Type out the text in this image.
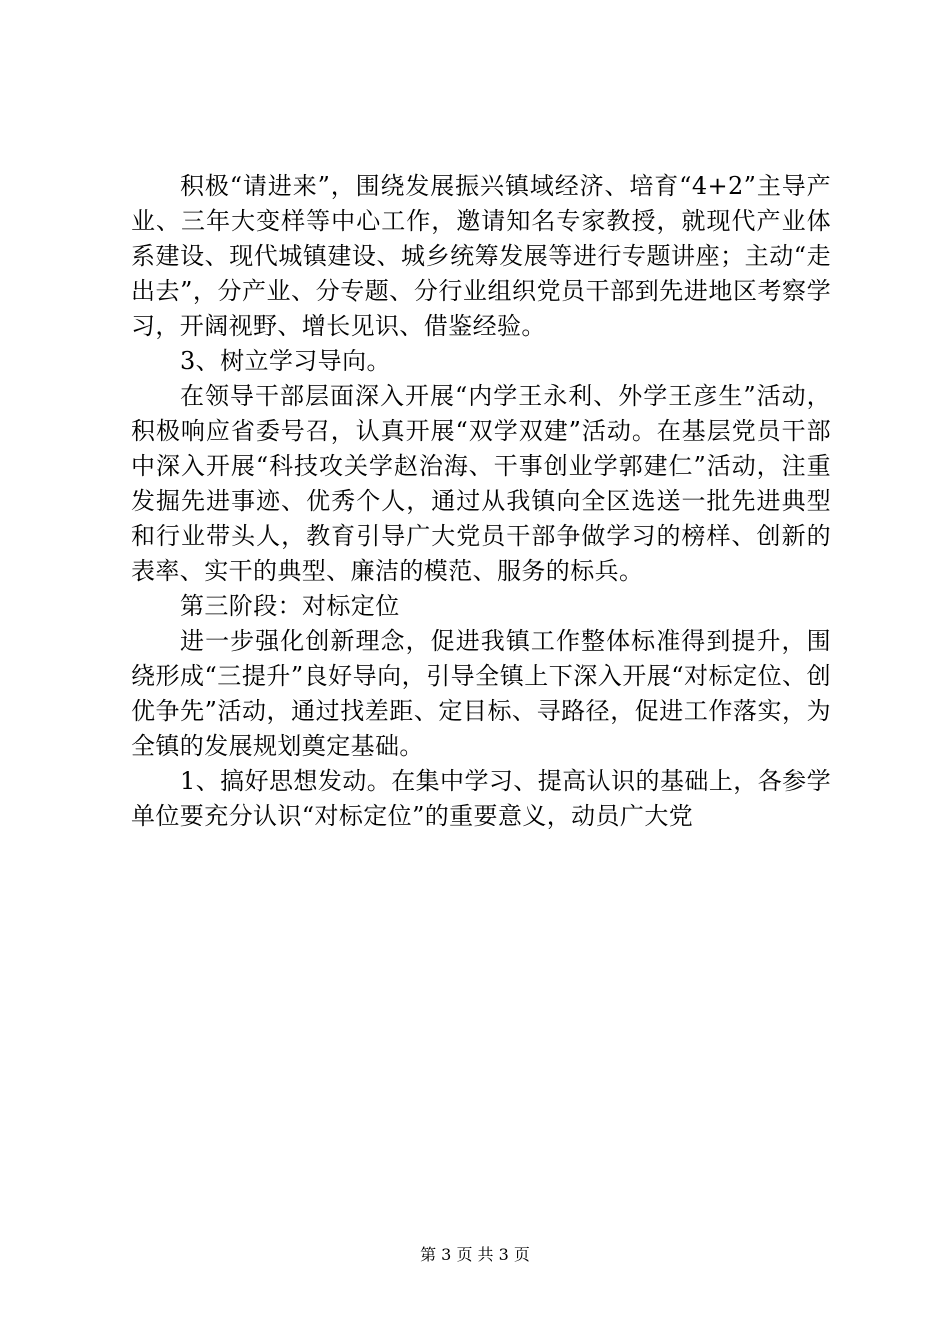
积极“请进来”，围绕发展振兴镇域经济、培育“4+2”主导产业、三年大变样等中心工作，邀请知名专家教授，就现代产业体系建设、现代城镇建设、城乡统筹发展等进行专题讲座；主动“走出去”，分产业、分专题、分行业组织党员干部到先进地区考察学习，开阔视野、增长见识、借鉴经验。

3、树立学习导向。

在领导干部层面深入开展“内学王永利、外学王彦生”活动，积极响应省委号召，认真开展“双学双建”活动。在基层党员干部中深入开展“科技攻关学赵治海、干事创业学郭建仁”活动，注重发掘先进事迹、优秀个人，通过从我镇向全区选送一批先进典型和行业带头人，教育引导广大党员干部争做学习的榜样、创新的表率、实干的典型、廉洁的模范、服务的标兵。

第三阶段：对标定位

进一步强化创新理念，促进我镇工作整体标准得到提升，围绕形成“三提升”良好导向，引导全镇上下深入开展“对标定位、创优争先”活动，通过找差距、定目标、寻路径，促进工作落实，为全镇的发展规划奠定基础。

1、搞好思想发动。在集中学习、提高认识的基础上，各参学单位要充分认识“对标定位”的重要意义，动员广大党

第 3 页 共 3 页
